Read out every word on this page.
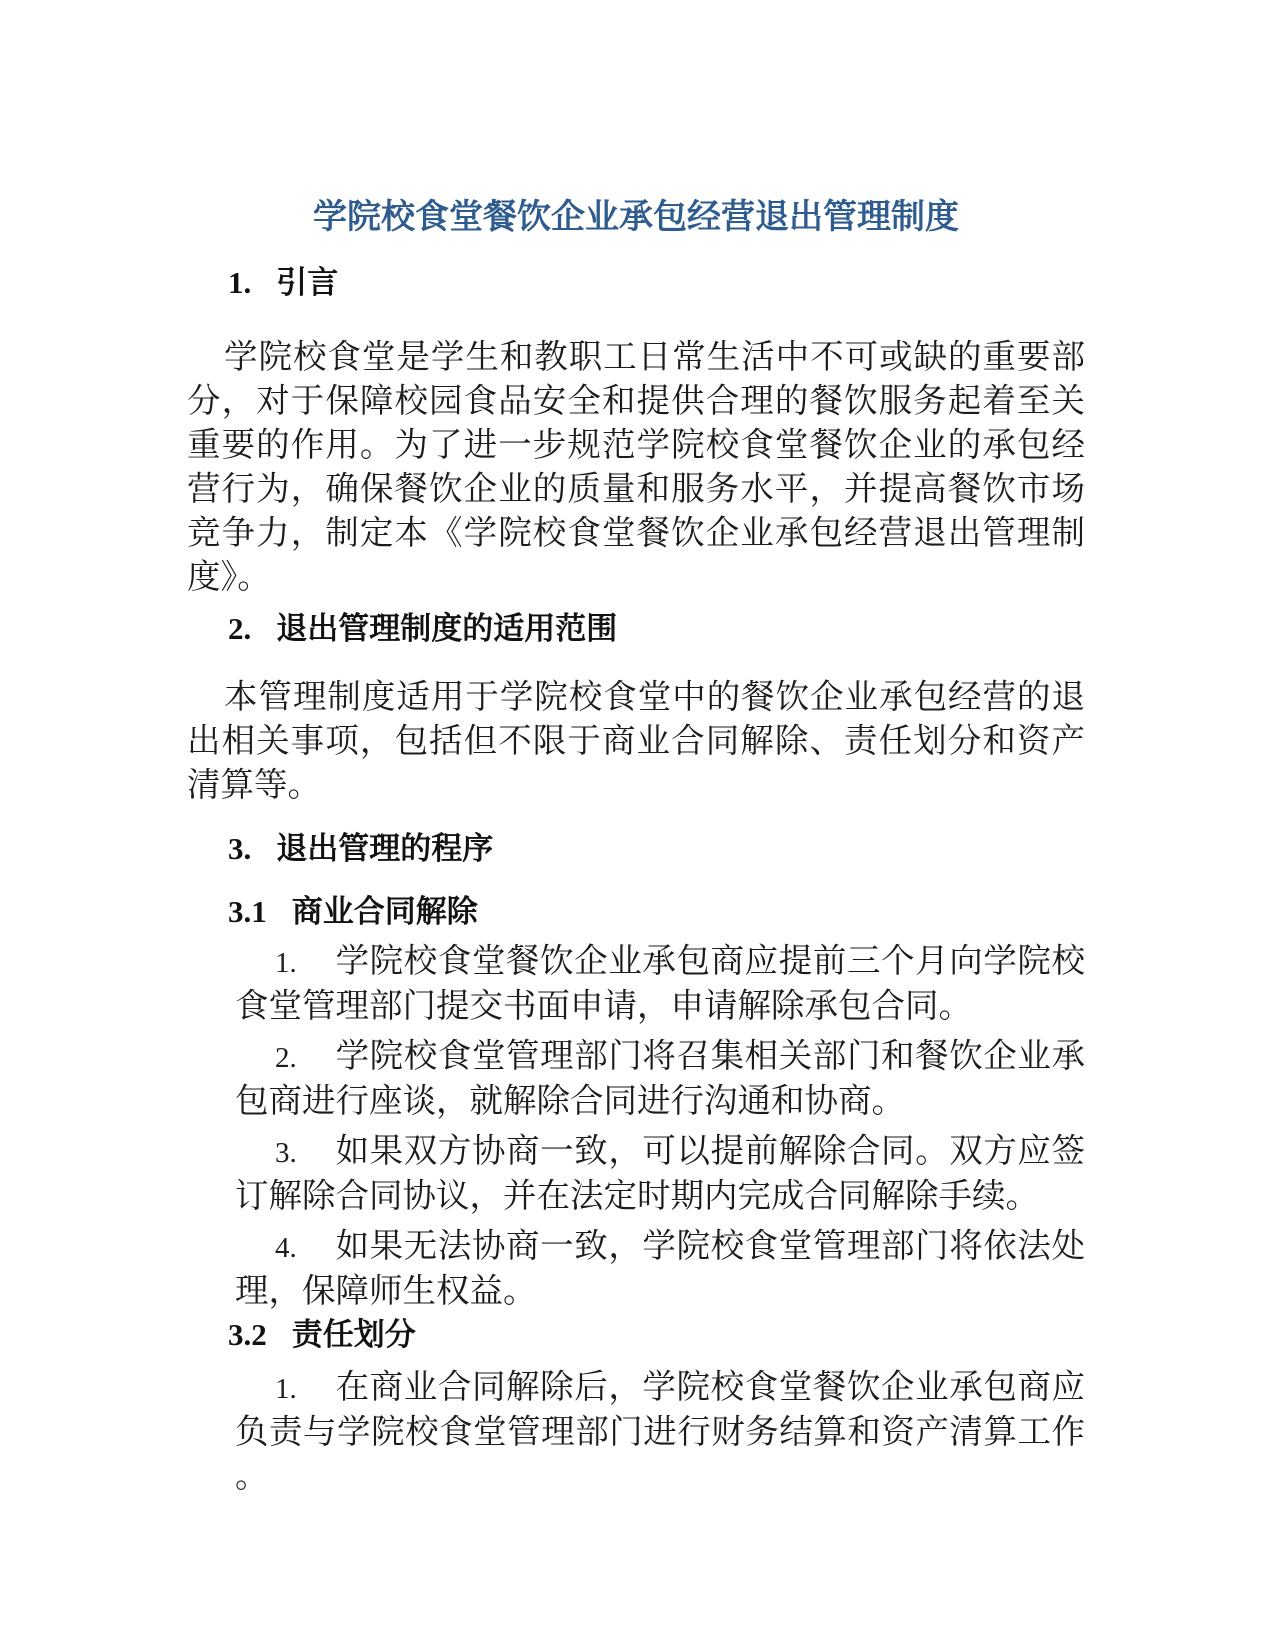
学院校食堂餐饮企业承包经营退出管理制度
1. 引言
学院校食堂是学生和教职工日常生活中不可或缺的重要部分，对于保障校园食品安全和提供合理的餐饮服务起着至关重要的作用。为了进一步规范学院校食堂餐饮企业的承包经营行为，确保餐饮企业的质量和服务水平，并提高餐饮市场竞争力，制定本《学院校食堂餐饮企业承包经营退出管理制度》。
2. 退出管理制度的适用范围
本管理制度适用于学院校食堂中的餐饮企业承包经营的退出相关事项，包括但不限于商业合同解除、责任划分和资产清算等。
3. 退出管理的程序
3.1 商业合同解除
1. 学院校食堂餐饮企业承包商应提前三个月向学院校食堂管理部门提交书面申请，申请解除承包合同。
2. 学院校食堂管理部门将召集相关部门和餐饮企业承包商进行座谈，就解除合同进行沟通和协商。
3. 如果双方协商一致，可以提前解除合同。双方应签订解除合同协议，并在法定时期内完成合同解除手续。
4. 如果无法协商一致，学院校食堂管理部门将依法处理，保障师生权益。
3.2 责任划分
1. 在商业合同解除后，学院校食堂餐饮企业承包商应负责与学院校食堂管理部门进行财务结算和资产清算工作。
